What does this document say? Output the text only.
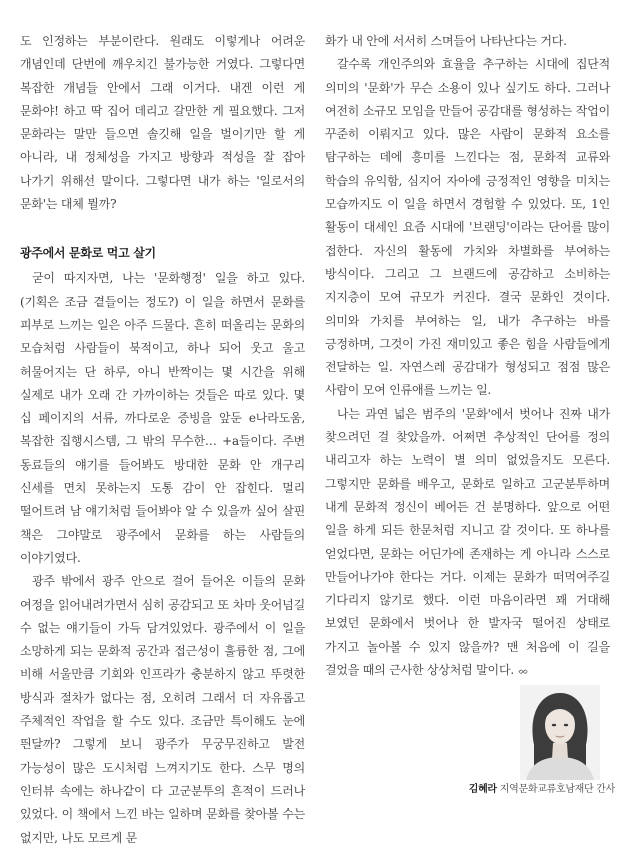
도 인정하는 부분이란다. 원래도 이렇게나 어려운 개념인데 단번에 깨우치긴 불가능한 거였다. 그렇다면 복잡한 개념들 안에서 그래 이거다. 내겐 이런 게 문화야! 하고 딱 집어 데리고 갈만한 게 필요했다. 그저 문화라는 말만 들으면 솔깃해 일을 벌이기만 할 게 아니라, 내 정체성을 가지고 방향과 적성을 잘 잡아 나가기 위해선 말이다. 그렇다면 내가 하는 '일로서의 문화'는 대체 뭘까?

광주에서 문화로 먹고 살기

굳이 따지자면, 나는 '문화행정' 일을 하고 있다. (기획은 조금 곁들이는 정도?) 이 일을 하면서 문화를 피부로 느끼는 일은 아주 드물다. 흔히 떠올리는 문화의 모습처럼 사람들이 북적이고, 하나 되어 웃고 울고 허물어지는 단 하루, 아니 반짝이는 몇 시간을 위해 실제로 내가 오래 간 가까이하는 것들은 따로 있다. 몇 십 페이지의 서류, 까다로운 증빙을 앞둔 e나라도움, 복잡한 집행시스템, 그 밖의 무수한… +a들이다. 주변 동료들의 얘기를 들어봐도 방대한 문화 안 개구리 신세를 면치 못하는지 도통 감이 안 잡힌다. 멀리 떨어트려 남 얘기처럼 들어봐야 알 수 있을까 싶어 살핀 책은 그야말로 광주에서 문화를 하는 사람들의 이야기였다.

광주 밖에서 광주 안으로 걸어 들어온 이들의 문화 여정을 읽어내려가면서 심히 공감되고 또 차마 웃어넘길 수 없는 얘기들이 가득 담겨있었다. 광주에서 이 일을 소망하게 되는 문화적 공간과 접근성이 훌륭한 점, 그에 비해 서울만큼 기회와 인프라가 충분하지 않고 뚜렷한 방식과 절차가 없다는 점, 오히려 그래서 더 자유롭고 주체적인 작업을 할 수도 있다. 조금만 특이해도 눈에 띈달까? 그렇게 보니 광주가 무궁무진하고 발전 가능성이 많은 도시처럼 느껴지기도 한다. 스무 명의 인터뷰 속에는 하나같이 다 고군분투의 흔적이 드러나 있었다. 이 책에서 느낀 바는 일하며 문화를 찾아볼 수는 없지만, 나도 모르게 문

화가 내 안에 서서히 스며들어 나타난다는 거다.

갈수록 개인주의와 효율을 추구하는 시대에 집단적 의미의 '문화'가 무슨 소용이 있나 싶기도 하다. 그러나 여전히 소규모 모임을 만들어 공감대를 형성하는 작업이 꾸준히 이뤄지고 있다. 많은 사람이 문화적 요소를 탐구하는 데에 흥미를 느낀다는 점, 문화적 교류와 학습의 유익함, 심지어 자아에 긍정적인 영향을 미치는 모습까지도 이 일을 하면서 경험할 수 있었다. 또, 1인 활동이 대세인 요즘 시대에 '브랜딩'이라는 단어를 많이 접한다. 자신의 활동에 가치와 차별화를 부여하는 방식이다. 그리고 그 브랜드에 공감하고 소비하는 지지층이 모여 규모가 커진다. 결국 문화인 것이다. 의미와 가치를 부여하는 일, 내가 추구하는 바를 긍정하며, 그것이 가진 재미있고 좋은 힘을 사람들에게 전달하는 일. 자연스레 공감대가 형성되고 점점 많은 사람이 모여 인류애를 느끼는 일.

나는 과연 넓은 범주의 '문화'에서 벗어나 진짜 내가 찾으려던 걸 찾았을까. 어쩌면 추상적인 단어를 정의 내리고자 하는 노력이 별 의미 없었을지도 모른다. 그렇지만 문화를 배우고, 문화로 일하고 고군분투하며 내게 문화적 정신이 베어든 건 분명하다. 앞으로 어떤 일을 하게 되든 한문처럼 지니고 갈 것이다. 또 하나를 얻었다면, 문화는 어딘가에 존재하는 게 아니라 스스로 만들어나가야 한다는 거다. 이제는 문화가 떠먹여주길 기다리지 않기로 했다. 이런 마음이라면 꽤 거대해 보였던 문화에서 벗어나 한 발자국 떨어진 상태로 가지고 놀아볼 수 있지 않을까? 맨 처음에 이 길을 걸었을 때의 근사한 상상처럼 말이다. ᨖ

김혜라 지역문화교류호남재단 간사
